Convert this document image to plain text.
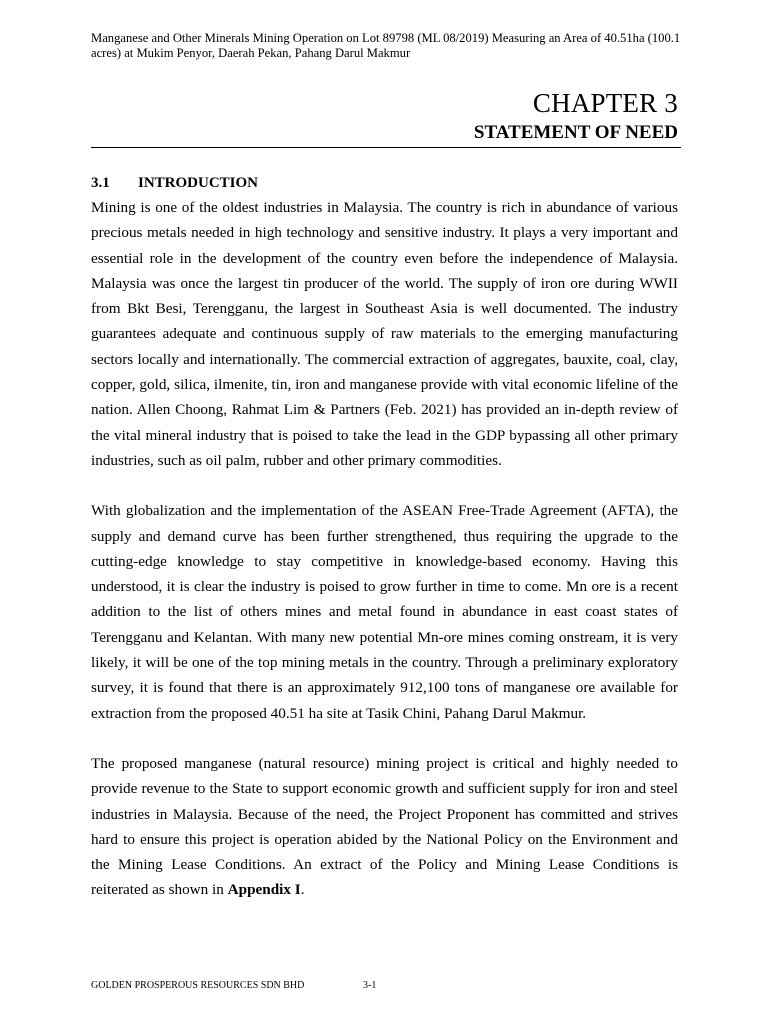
Manganese and Other Minerals Mining Operation on Lot 89798 (ML 08/2019) Measuring an Area of 40.51ha (100.1 acres) at Mukim Penyor, Daerah Pekan, Pahang Darul Makmur
CHAPTER 3
STATEMENT OF NEED
3.1 INTRODUCTION

Mining is one of the oldest industries in Malaysia. The country is rich in abundance of various precious metals needed in high technology and sensitive industry. It plays a very important and essential role in the development of the country even before the independence of Malaysia. Malaysia was once the largest tin producer of the world. The supply of iron ore during WWII from Bkt Besi, Terengganu, the largest in Southeast Asia is well documented. The industry guarantees adequate and continuous supply of raw materials to the emerging manufacturing sectors locally and internationally. The commercial extraction of aggregates, bauxite, coal, clay, copper, gold, silica, ilmenite, tin, iron and manganese provide with vital economic lifeline of the nation. Allen Choong, Rahmat Lim & Partners (Feb. 2021) has provided an in-depth review of the vital mineral industry that is poised to take the lead in the GDP bypassing all other primary industries, such as oil palm, rubber and other primary commodities.

With globalization and the implementation of the ASEAN Free-Trade Agreement (AFTA), the supply and demand curve has been further strengthened, thus requiring the upgrade to the cutting-edge knowledge to stay competitive in knowledge-based economy. Having this understood, it is clear the industry is poised to grow further in time to come. Mn ore is a recent addition to the list of others mines and metal found in abundance in east coast states of Terengganu and Kelantan. With many new potential Mn-ore mines coming onstream, it is very likely, it will be one of the top mining metals in the country. Through a preliminary exploratory survey, it is found that there is an approximately 912,100 tons of manganese ore available for extraction from the proposed 40.51 ha site at Tasik Chini, Pahang Darul Makmur.

The proposed manganese (natural resource) mining project is critical and highly needed to provide revenue to the State to support economic growth and sufficient supply for iron and steel industries in Malaysia. Because of the need, the Project Proponent has committed and strives hard to ensure this project is operation abided by the National Policy on the Environment and the Mining Lease Conditions. An extract of the Policy and Mining Lease Conditions is reiterated as shown in Appendix I.

GOLDEN PROSPEROUS RESOURCES SDN BHD	3-1
